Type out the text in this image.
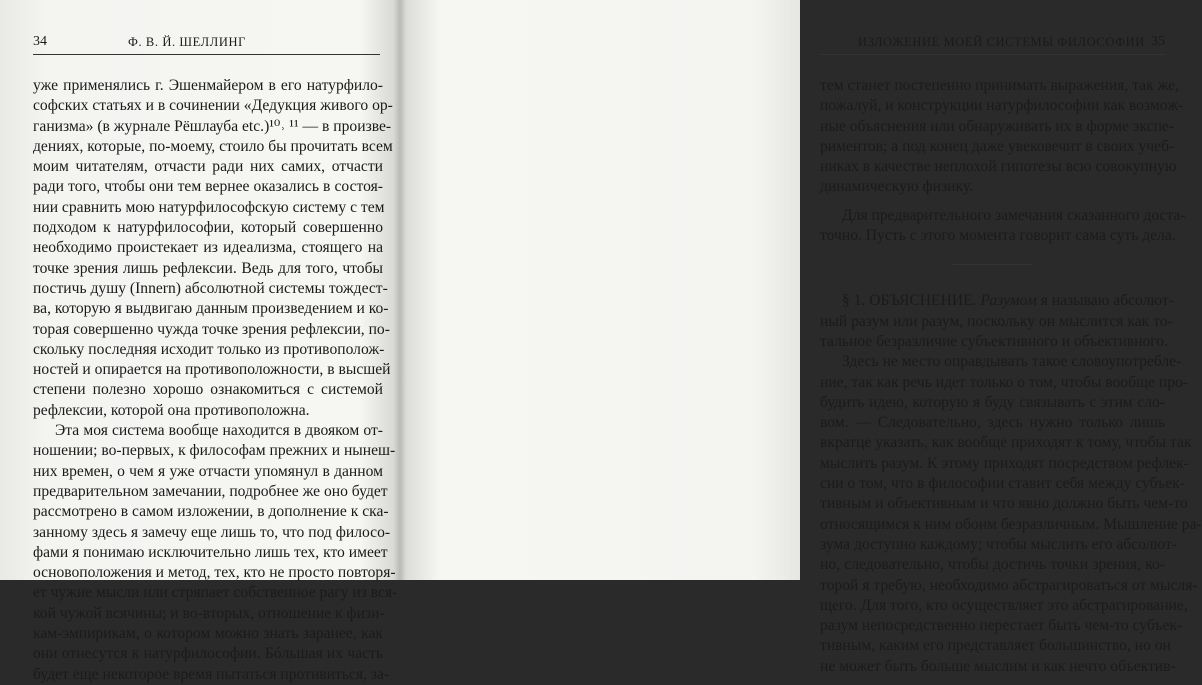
34	Ф. В. Й. ШЕЛЛИНГ
уже применялись г. Эшенмайером в его натурфило-
софских статьях и в сочинении «Дедукция живого ор-
ганизма» (в журнале Рёшлауба etc.)¹⁰˒ ¹¹ — в произве-
дениях, которые, по-моему, стоило бы прочитать всем
моим читателям, отчасти ради них самих, отчасти
ради того, чтобы они тем вернее оказались в состоя-
нии сравнить мою натурфилософскую систему с тем
подходом к натурфилософии, который совершенно
необходимо проистекает из идеализма, стоящего на
точке зрения лишь рефлексии. Ведь для того, чтобы
постичь душу (Innern) абсолютной системы тождест-
ва, которую я выдвигаю данным произведением и ко-
торая совершенно чужда точке зрения рефлексии, по-
скольку последняя исходит только из противополож-
ностей и опирается на противоположности, в высшей
степени полезно хорошо ознакомиться с системой
рефлексии, которой она противоположна.
Эта моя система вообще находится в двояком от-
ношении; во-первых, к философам прежних и нынеш-
них времен, о чем я уже отчасти упомянул в данном
предварительном замечании, подробнее же оно будет
рассмотрено в самом изложении, в дополнение к ска-
занному здесь я замечу еще лишь то, что под филосо-
фами я понимаю исключительно лишь тех, кто имеет
основоположения и метод, тех, кто не просто повторя-
ет чужие мысли или стряпает собственное рагу из вся-
кой чужой всячины; и во-вторых, отношение к физи-
кам-эмпирикам, о котором можно знать заранее, как
они отнесутся к натурфилософии. Бóльшая их часть
будет еще некоторое время пытаться противиться, за-
ИЗЛОЖЕНИЕ МОЕЙ СИСТЕМЫ ФИЛОСОФИИ 35
тем станет постепенно принимать выражения, так же,
пожалуй, и конструкции натурфилософии как возмож-
ные объяснения или обнаруживать их в форме экспе-
риментов; а под конец даже увековечит в своих учеб-
никах в качестве неплохой гипотезы всю совокупную
динамическую физику.
Для предварительного замечания сказанного доста-
точно. Пусть с этого момента говорит сама суть дела.
§ 1. ОБЪЯСНЕНИЕ. Разумом я называю абсолют-
ный разум или разум, поскольку он мыслится как то-
тальное безразличие субъективного и объективного.
Здесь не место оправдывать такое словоупотребле-
ние, так как речь идет только о том, чтобы вообще про-
будить идею, которую я буду связывать с этим сло-
вом. — Следовательно, здесь нужно только лишь
вкратце указать, как вообще приходят к тому, чтобы так
мыслить разум. К этому приходят посредством рефлек-
сии о том, что в философии ставит себя между субъек-
тивным и объективным и что явно должно быть чем-то
относящимся к ним обоим безразличным. Мышление ра-
зума доступно каждому; чтобы мыслить его абсолют-
но, следовательно, чтобы достичь точки зрения, ко-
торой я требую, необходимо абстрагироваться от мысля-
щего. Для того, кто осуществляет это абстрагирование,
разум непосредственно перестает быть чем-то субъек-
тивным, каким его представляет большинство, но он
не может быть больше мыслим и как нечто объектив-
